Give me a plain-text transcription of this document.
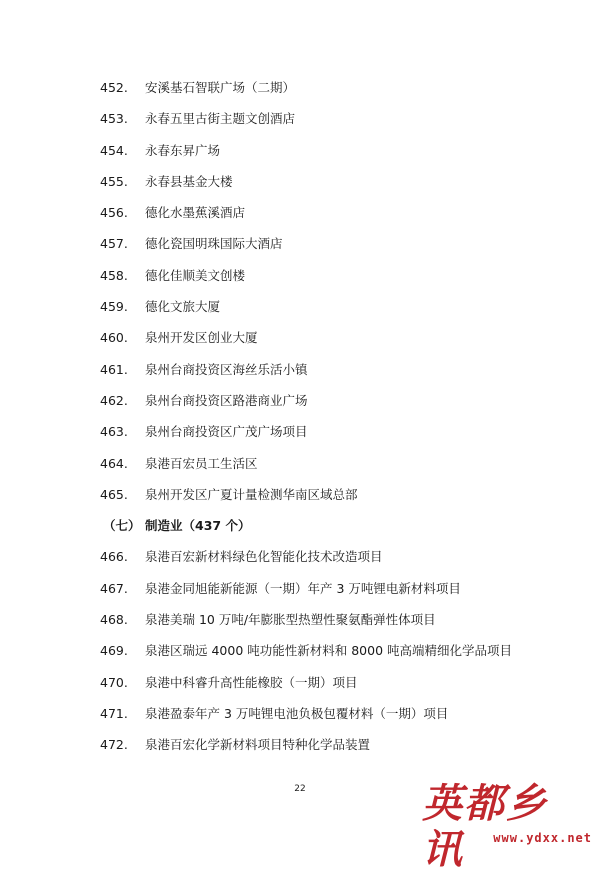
452. 安溪基石智联广场（二期）
453. 永春五里古街主题文创酒店
454. 永春东昇广场
455. 永春县基金大楼
456. 德化水墨蕉溪酒店
457. 德化瓷国明珠国际大酒店
458. 德化佳顺美文创楼
459. 德化文旅大厦
460. 泉州开发区创业大厦
461. 泉州台商投资区海丝乐活小镇
462. 泉州台商投资区路港商业广场
463. 泉州台商投资区广茂广场项目
464. 泉港百宏员工生活区
465. 泉州开发区广夏计量检测华南区域总部
（七） 制造业（437 个）
466. 泉港百宏新材料绿色化智能化技术改造项目
467. 泉港金同旭能新能源（一期）年产 3 万吨锂电新材料项目
468. 泉港美瑞 10 万吨/年膨胀型热塑性聚氨酯弹性体项目
469. 泉港区瑞远 4000 吨功能性新材料和 8000 吨高端精细化学品项目
470. 泉港中科睿升高性能橡胶（一期）项目
471. 泉港盈泰年产 3 万吨锂电池负极包覆材料（一期）项目
472. 泉港百宏化学新材料项目特种化学品装置
22	英都乡讯	www.ydxx.net
